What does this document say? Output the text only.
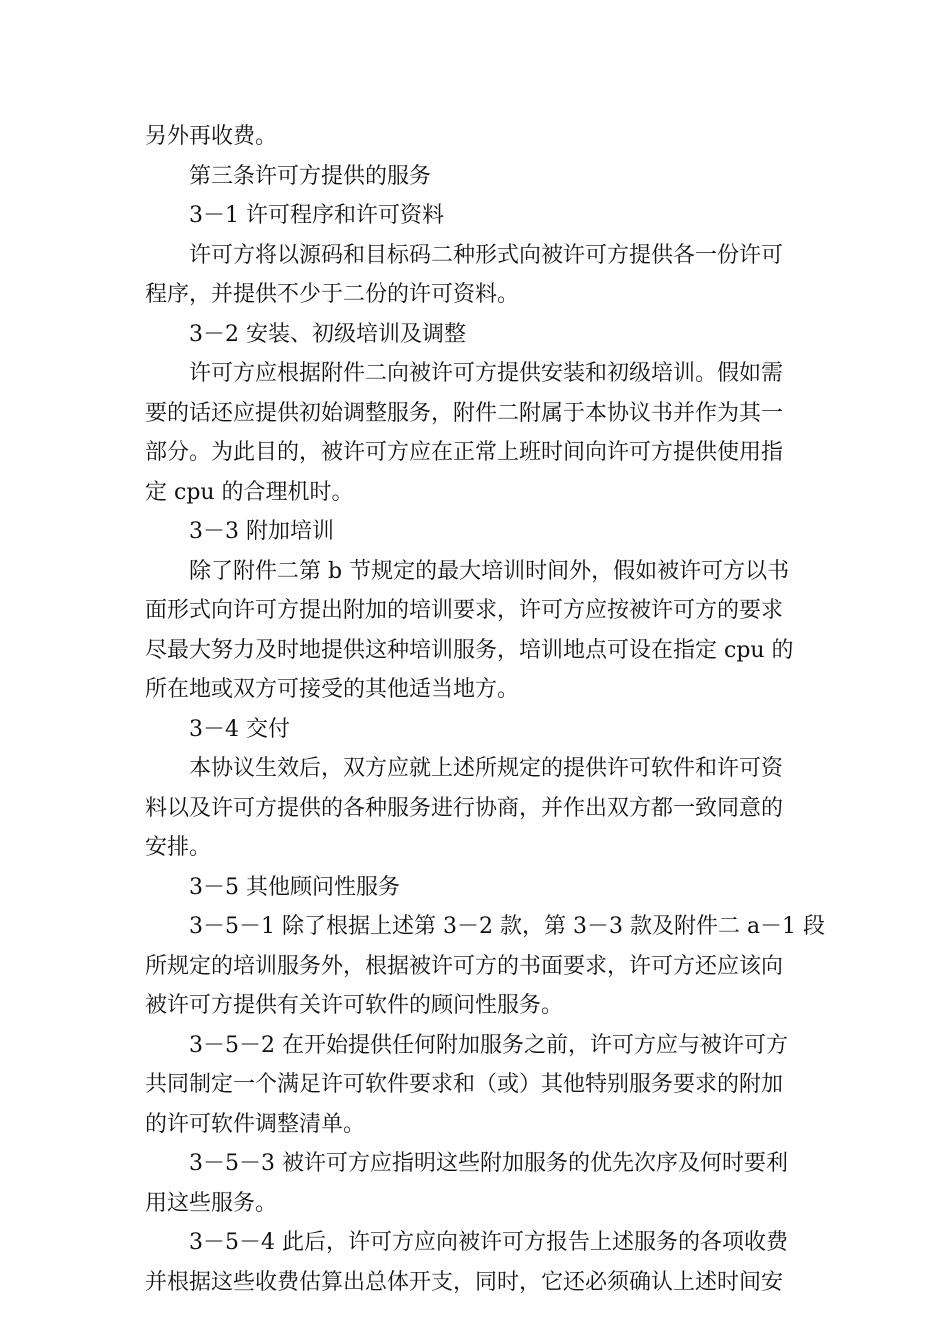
另外再收费。
第三条许可方提供的服务
3－1 许可程序和许可资料
许可方将以源码和目标码二种形式向被许可方提供各一份许可
程序，并提供不少于二份的许可资料。
3－2 安装、初级培训及调整
许可方应根据附件二向被许可方提供安装和初级培训。假如需
要的话还应提供初始调整服务，附件二附属于本协议书并作为其一
部分。为此目的，被许可方应在正常上班时间向许可方提供使用指
定 cpu 的合理机时。
3－3 附加培训
除了附件二第 b 节规定的最大培训时间外，假如被许可方以书
面形式向许可方提出附加的培训要求，许可方应按被许可方的要求
尽最大努力及时地提供这种培训服务，培训地点可设在指定 cpu 的
所在地或双方可接受的其他适当地方。
3－4 交付
本协议生效后，双方应就上述所规定的提供许可软件和许可资
料以及许可方提供的各种服务进行协商，并作出双方都一致同意的
安排。
3－5 其他顾问性服务
3－5－1 除了根据上述第 3－2 款，第 3－3 款及附件二 a－1 段
所规定的培训服务外，根据被许可方的书面要求，许可方还应该向
被许可方提供有关许可软件的顾问性服务。
3－5－2 在开始提供任何附加服务之前，许可方应与被许可方
共同制定一个满足许可软件要求和（或）其他特别服务要求的附加
的许可软件调整清单。
3－5－3 被许可方应指明这些附加服务的优先次序及何时要利
用这些服务。
3－5－4 此后，许可方应向被许可方报告上述服务的各项收费
并根据这些收费估算出总体开支，同时，它还必须确认上述时间安
